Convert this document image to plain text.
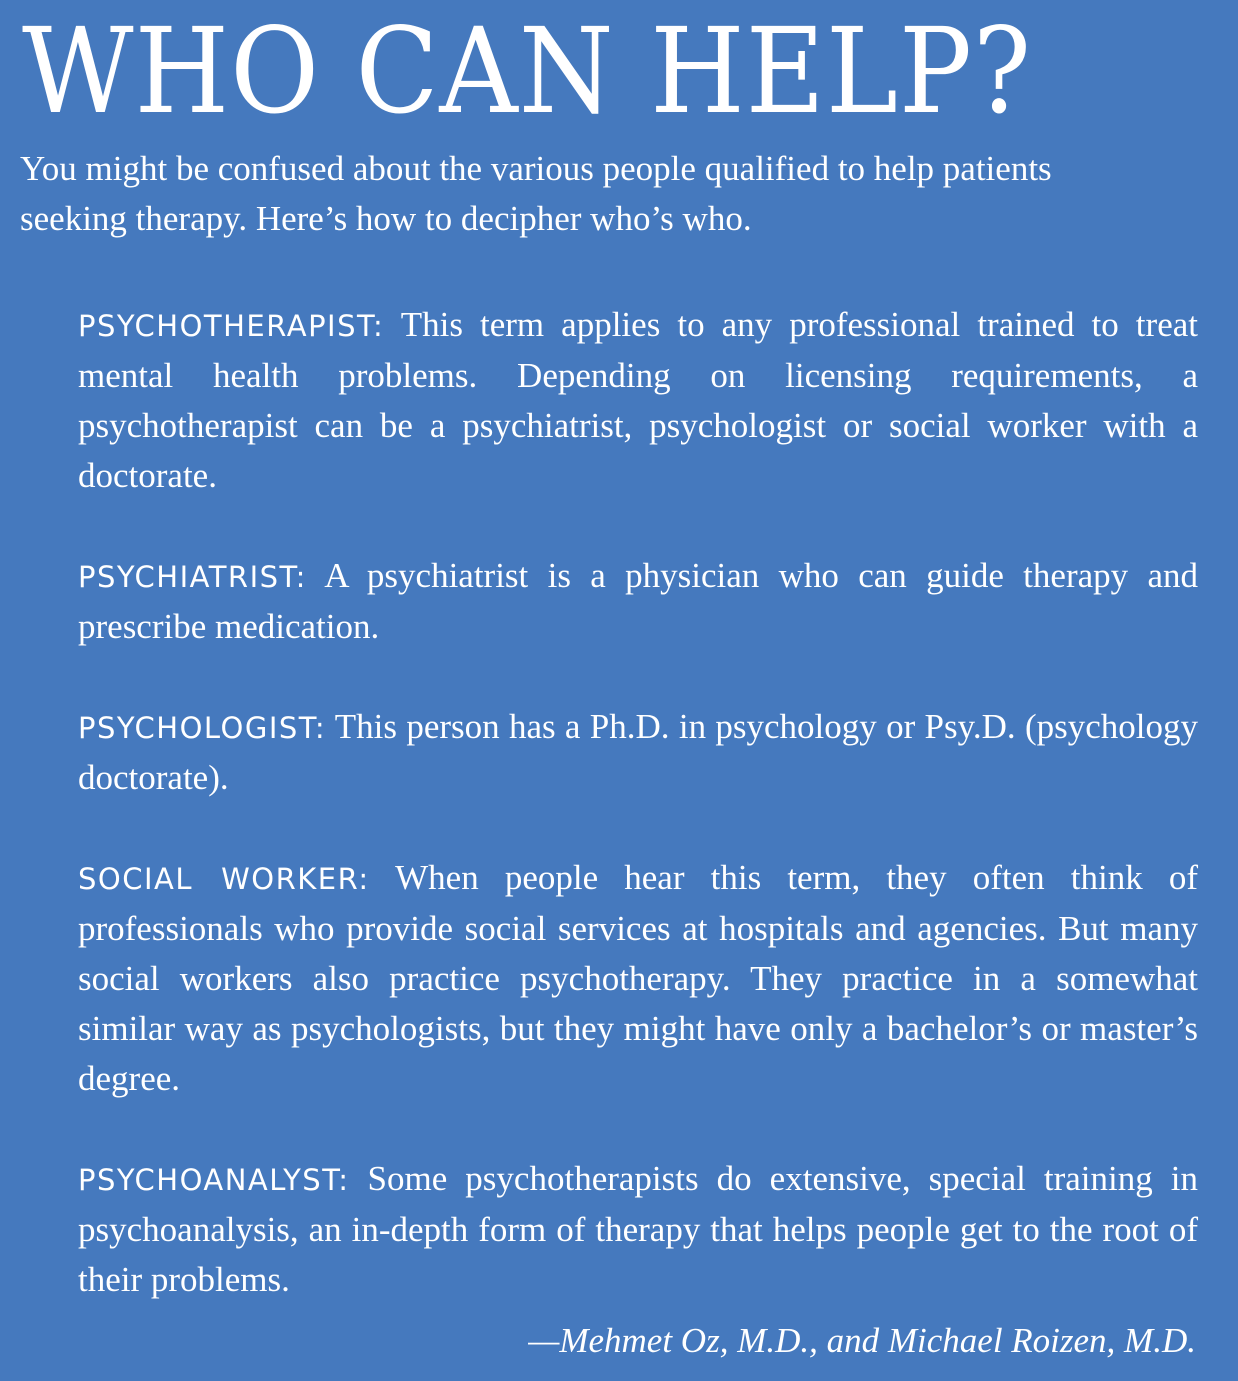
WHO CAN HELP?

You might be confused about the various people qualified to help patients seeking therapy. Here’s how to decipher who’s who.

PSYCHOTHERAPIST: This term applies to any professional trained to treat mental health problems. Depending on licensing requirements, a psychotherapist can be a psychiatrist, psychologist or social worker with a doctorate.

PSYCHIATRIST: A psychiatrist is a physician who can guide therapy and prescribe medication.

PSYCHOLOGIST: This person has a Ph.D. in psychology or Psy.D. (psychology doctorate).

SOCIAL WORKER: When people hear this term, they often think of professionals who provide social services at hospitals and agencies. But many social workers also practice psychotherapy. They practice in a somewhat similar way as psychologists, but they might have only a bachelor’s or master’s degree.

PSYCHOANALYST: Some psychotherapists do extensive, special training in psychoanalysis, an in-depth form of therapy that helps people get to the root of their problems.

—Mehmet Oz, M.D., and Michael Roizen, M.D.
